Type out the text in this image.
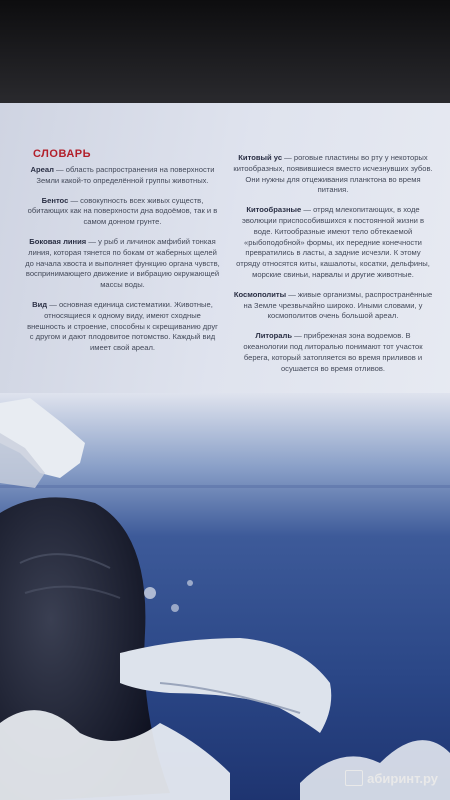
СЛОВАРЬ
Ареал — область распространения на поверхности Земли какой-то определённой группы животных.
Бентос — совокупность всех живых существ, обитающих как на поверхности дна водоёмов, так и в самом донном грунте.
Боковая линия — у рыб и личинок амфибий тонкая линия, которая тянется по бокам от жаберных щелей до начала хвоста и выполняет функцию органа чувств, воспринимающего движение и вибрацию окружающей массы воды.
Вид — основная единица систематики. Животные, относящиеся к одному виду, имеют сходные внешность и строение, способны к скрещиванию друг с другом и дают плодовитое потомство. Каждый вид имеет свой ареал.
Китовый ус — роговые пластины во рту у некоторых китообразных, появившиеся вместо исчезнувших зубов. Они нужны для отцеживания планктона во время питания.
Китообразные — отряд млекопитающих, в ходе эволюции приспособившихся к постоянной жизни в воде. Китообразные имеют тело обтекаемой «рыбоподобной» формы, их передние конечности превратились в ласты, а задние исчезли. К этому отряду относятся киты, кашалоты, косатки, дельфины, морские свиньи, нарвалы и другие животные.
Космополиты — живые организмы, распространённые на Земле чрезвычайно широко. Иными словами, у космополитов очень большой ареал.
Литораль — прибрежная зона водоемов. В океанологии под литоралью понимают тот участок берега, который затопляется во время приливов и осушается во время отливов.
абиринт.ру
